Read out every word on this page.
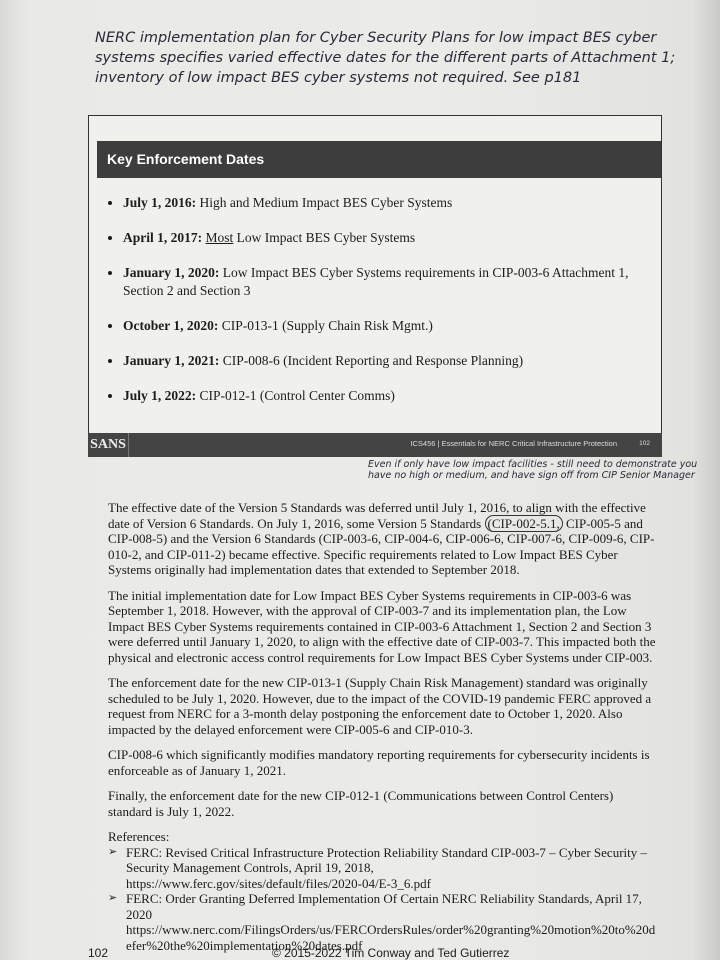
NERC implementation plan for Cyber Security Plans for low impact BES cyber systems specifies varied effective dates for the different parts of Attachment 1; inventory of low impact BES cyber systems not required. See p181
Key Enforcement Dates
• July 1, 2016: High and Medium Impact BES Cyber Systems
• April 1, 2017: Most Low Impact BES Cyber Systems
• January 1, 2020: Low Impact BES Cyber Systems requirements in CIP-003-6 Attachment 1, Section 2 and Section 3
• October 1, 2020: CIP-013-1 (Supply Chain Risk Mgmt.)
• January 1, 2021: CIP-008-6 (Incident Reporting and Response Planning)
• July 1, 2022: CIP-012-1 (Control Center Comms)
SANS	ICS456 | Essentials for NERC Critical Infrastructure Protection	102
Even if only have low impact facilities - still need to demonstrate you have no high or medium, and have sign off from CIP Senior Manager

The effective date of the Version 5 Standards was deferred until July 1, 2016, to align with the effective date of Version 6 Standards. On July 1, 2016, some Version 5 Standards (CIP-002-5.1, CIP-005-5 and CIP-008-5) and the Version 6 Standards (CIP-003-6, CIP-004-6, CIP-006-6, CIP-007-6, CIP-009-6, CIP-010-2, and CIP-011-2) became effective. Specific requirements related to Low Impact BES Cyber Systems originally had implementation dates that extended to September 2018.

The initial implementation date for Low Impact BES Cyber Systems requirements in CIP-003-6 was September 1, 2018. However, with the approval of CIP-003-7 and its implementation plan, the Low Impact BES Cyber Systems requirements contained in CIP-003-6 Attachment 1, Section 2 and Section 3 were deferred until January 1, 2020, to align with the effective date of CIP-003-7. This impacted both the physical and electronic access control requirements for Low Impact BES Cyber Systems under CIP-003.

The enforcement date for the new CIP-013-1 (Supply Chain Risk Management) standard was originally scheduled to be July 1, 2020. However, due to the impact of the COVID-19 pandemic FERC approved a request from NERC for a 3-month delay postponing the enforcement date to October 1, 2020. Also impacted by the delayed enforcement were CIP-005-6 and CIP-010-3.

CIP-008-6 which significantly modifies mandatory reporting requirements for cybersecurity incidents is enforceable as of January 1, 2021.

Finally, the enforcement date for the new CIP-012-1 (Communications between Control Centers) standard is July 1, 2022.

References:
➢ FERC: Revised Critical Infrastructure Protection Reliability Standard CIP-003-7 – Cyber Security – Security Management Controls, April 19, 2018,
https://www.ferc.gov/sites/default/files/2020-04/E-3_6.pdf
➢ FERC: Order Granting Deferred Implementation Of Certain NERC Reliability Standards, April 17, 2020
https://www.nerc.com/FilingsOrders/us/FERCOrdersRules/order%20granting%20motion%20to%20defer%20the%20implementation%20dates.pdf
102	© 2015-2022 Tim Conway and Ted Gutierrez
